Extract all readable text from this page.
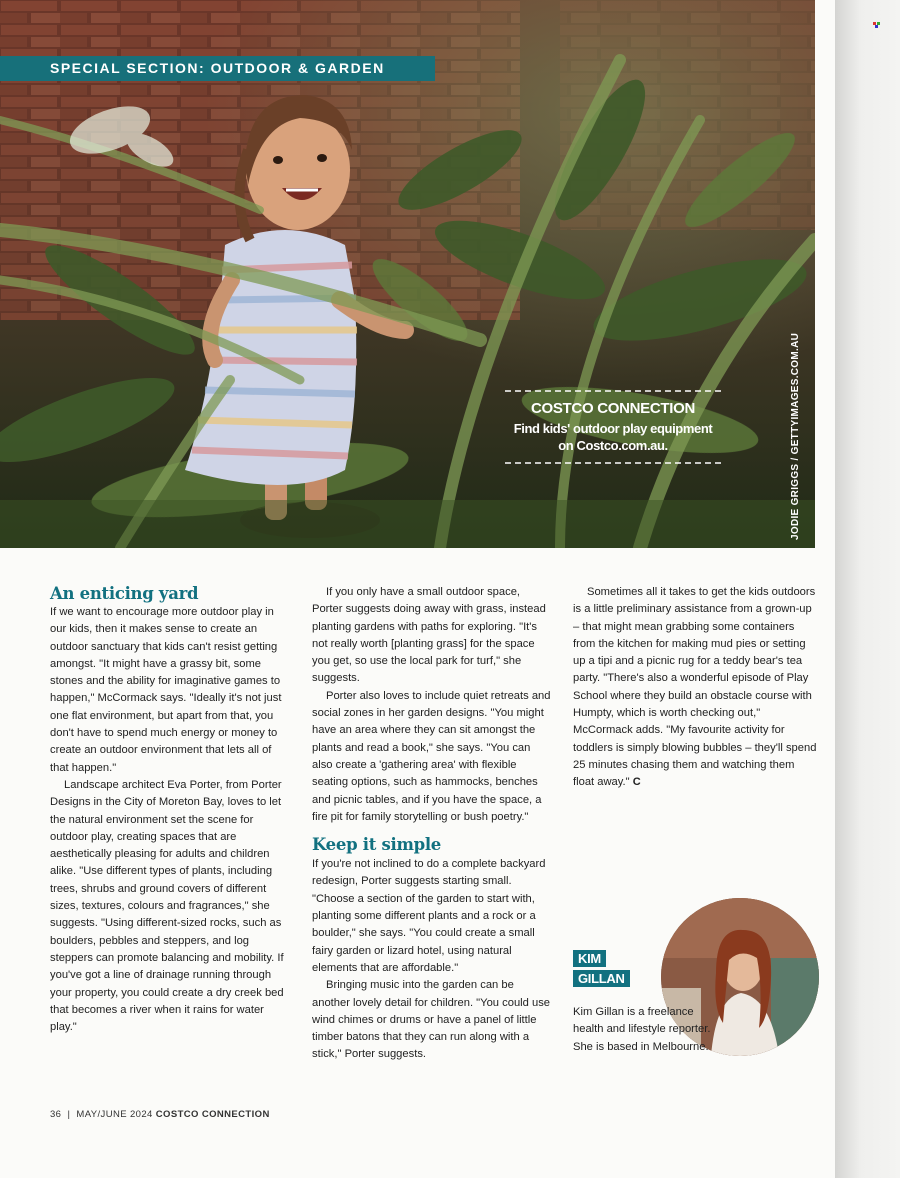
SPECIAL SECTION: OUTDOOR & GARDEN
COSTCO CONNECTION
Find kids' outdoor play equipment on Costco.com.au.	JODIE GRIGGS / GETTYIMAGES.COM.AU
An enticing yard

If we want to encourage more outdoor play in our kids, then it makes sense to create an outdoor sanctuary that kids can't resist getting amongst. "It might have a grassy bit, some stones and the ability for imaginative games to happen," McCormack says. "Ideally it's not just one flat environment, but apart from that, you don't have to spend much energy or money to create an outdoor environment that lets all of that happen."

Landscape architect Eva Porter, from Porter Designs in the City of Moreton Bay, loves to let the natural environment set the scene for outdoor play, creating spaces that are aesthetically pleasing for adults and children alike. "Use different types of plants, including trees, shrubs and ground covers of different sizes, textures, colours and fragrances," she suggests. "Using different-sized rocks, such as boulders, pebbles and steppers, and log steppers can promote balancing and mobility. If you've got a line of drainage running through your property, you could create a dry creek bed that becomes a river when it rains for water play."

If you only have a small outdoor space, Porter suggests doing away with grass, instead planting gardens with paths for exploring. "It's not really worth [planting grass] for the space you get, so use the local park for turf," she suggests.

Porter also loves to include quiet retreats and social zones in her garden designs. "You might have an area where they can sit amongst the plants and read a book," she says. "You can also create a 'gathering area' with flexible seating options, such as hammocks, benches and picnic tables, and if you have the space, a fire pit for family storytelling or bush poetry."

Keep it simple

If you're not inclined to do a complete backyard redesign, Porter suggests starting small. "Choose a section of the garden to start with, planting some different plants and a rock or a boulder," she says. "You could create a small fairy garden or lizard hotel, using natural elements that are affordable."

Bringing music into the garden can be another lovely detail for children. "You could use wind chimes or drums or have a panel of little timber batons that they can run along with a stick," Porter suggests.

Sometimes all it takes to get the kids outdoors is a little preliminary assistance from a grown-up – that might mean grabbing some containers from the kitchen for making mud pies or setting up a tipi and a picnic rug for a teddy bear's tea party. "There's also a wonderful episode of Play School where they build an obstacle course with Humpty, which is worth checking out," McCormack adds. "My favourite activity for toddlers is simply blowing bubbles – they'll spend 25 minutes chasing them and watching them float away." C

KIM
GILLAN
Kim Gillan is a freelance health and lifestyle reporter. She is based in Melbourne.
36  |  MAY/JUNE 2024 COSTCO CONNECTION
